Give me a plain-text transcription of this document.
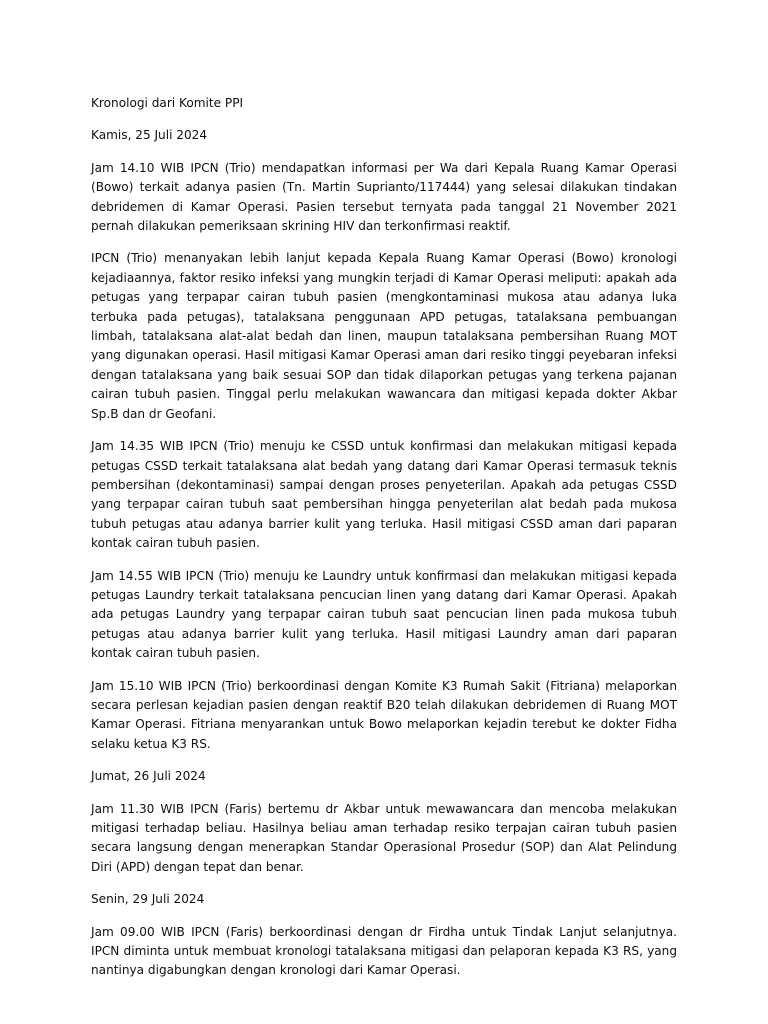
Kronologi dari Komite PPI

Kamis, 25 Juli 2024

Jam 14.10 WIB IPCN (Trio) mendapatkan informasi per Wa dari Kepala Ruang Kamar Operasi (Bowo) terkait adanya pasien (Tn. Martin Suprianto/117444) yang selesai dilakukan tindakan debridemen di Kamar Operasi. Pasien tersebut ternyata pada tanggal 21 November 2021 pernah dilakukan pemeriksaan skrining HIV dan terkonfirmasi reaktif.

IPCN (Trio) menanyakan lebih lanjut kepada Kepala Ruang Kamar Operasi (Bowo) kronologi kejadiaannya, faktor resiko infeksi yang mungkin terjadi di Kamar Operasi meliputi: apakah ada petugas yang terpapar cairan tubuh pasien (mengkontaminasi mukosa atau adanya luka terbuka pada petugas), tatalaksana penggunaan APD petugas, tatalaksana pembuangan limbah, tatalaksana alat-alat bedah dan linen, maupun tatalaksana pembersihan Ruang MOT yang digunakan operasi. Hasil mitigasi Kamar Operasi aman dari resiko tinggi peyebaran infeksi dengan tatalaksana yang baik sesuai SOP dan tidak dilaporkan petugas yang terkena pajanan cairan tubuh pasien. Tinggal perlu melakukan wawancara dan mitigasi kepada dokter Akbar Sp.B dan dr Geofani.

Jam 14.35 WIB IPCN (Trio) menuju ke CSSD untuk konfirmasi dan melakukan mitigasi kepada petugas CSSD terkait tatalaksana alat bedah yang datang dari Kamar Operasi termasuk teknis pembersihan (dekontaminasi) sampai dengan proses penyeterilan. Apakah ada petugas CSSD yang terpapar cairan tubuh saat pembersihan hingga penyeterilan alat bedah pada mukosa tubuh petugas atau adanya barrier kulit yang terluka. Hasil mitigasi CSSD aman dari paparan kontak cairan tubuh pasien.

Jam 14.55 WIB IPCN (Trio) menuju ke Laundry untuk konfirmasi dan melakukan mitigasi kepada petugas Laundry terkait tatalaksana pencucian linen yang datang dari Kamar Operasi. Apakah ada petugas Laundry yang terpapar cairan tubuh saat pencucian linen pada mukosa tubuh petugas atau adanya barrier kulit yang terluka. Hasil mitigasi Laundry aman dari paparan kontak cairan tubuh pasien.

Jam 15.10 WIB IPCN (Trio) berkoordinasi dengan Komite K3 Rumah Sakit (Fitriana) melaporkan secara perlesan kejadian pasien dengan reaktif B20 telah dilakukan debridemen di Ruang MOT Kamar Operasi. Fitriana menyarankan untuk Bowo melaporkan kejadin terebut ke dokter Fidha selaku ketua K3 RS.

Jumat, 26 Juli 2024

Jam 11.30 WIB IPCN (Faris) bertemu dr Akbar untuk mewawancara dan mencoba melakukan mitigasi terhadap beliau. Hasilnya beliau aman terhadap resiko terpajan cairan tubuh pasien secara langsung dengan menerapkan Standar Operasional Prosedur (SOP) dan Alat Pelindung Diri (APD) dengan tepat dan benar.

Senin, 29 Juli 2024

Jam 09.00 WIB IPCN (Faris) berkoordinasi dengan dr Firdha untuk Tindak Lanjut selanjutnya. IPCN diminta untuk membuat kronologi tatalaksana mitigasi dan pelaporan kepada K3 RS, yang nantinya digabungkan dengan kronologi dari Kamar Operasi.
